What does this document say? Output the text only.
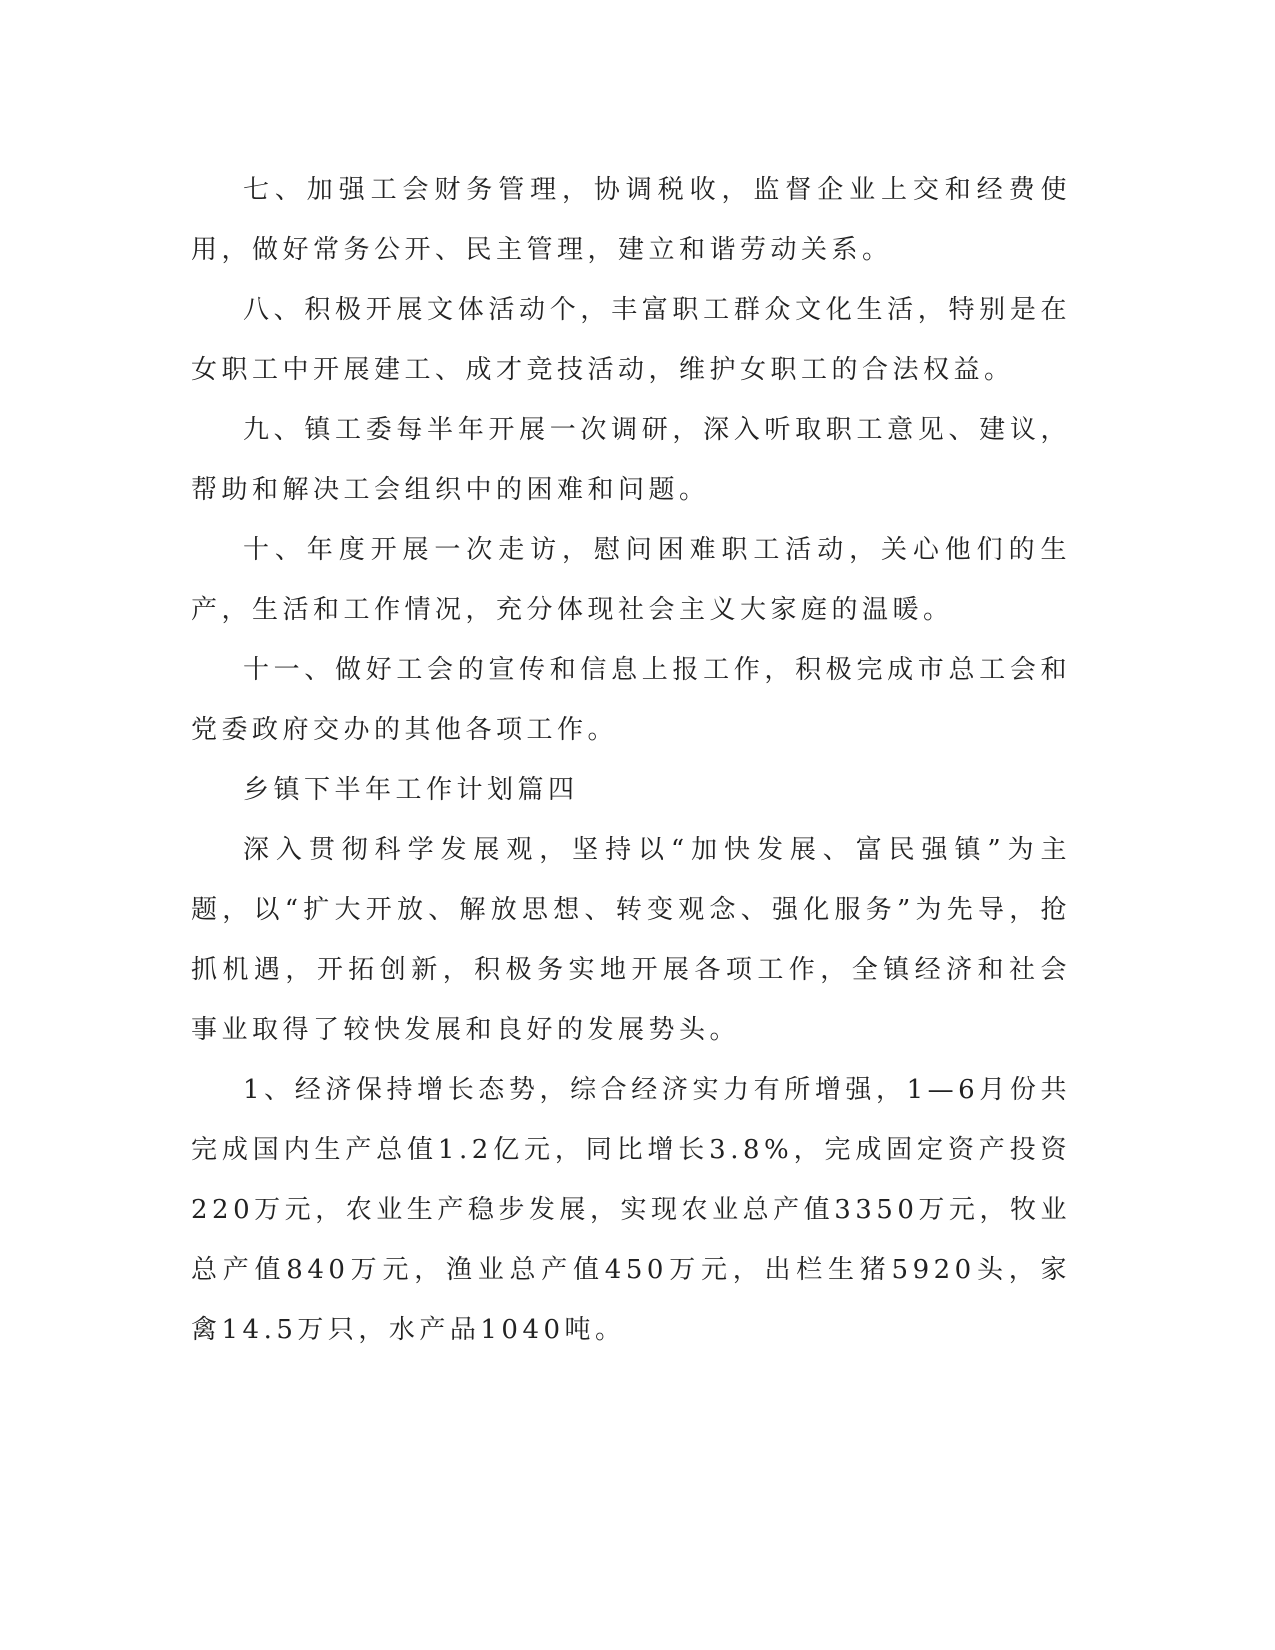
七、加强工会财务管理，协调税收，监督企业上交和经费使用，做好常务公开、民主管理，建立和谐劳动关系。

八、积极开展文体活动个，丰富职工群众文化生活，特别是在女职工中开展建工、成才竞技活动，维护女职工的合法权益。

九、镇工委每半年开展一次调研，深入听取职工意见、建议，帮助和解决工会组织中的困难和问题。

十、年度开展一次走访，慰问困难职工活动，关心他们的生产，生活和工作情况，充分体现社会主义大家庭的温暖。

十一、做好工会的宣传和信息上报工作，积极完成市总工会和党委政府交办的其他各项工作。

乡镇下半年工作计划篇四

深入贯彻科学发展观，坚持以“加快发展、富民强镇”为主题，以“扩大开放、解放思想、转变观念、强化服务”为先导，抢抓机遇，开拓创新，积极务实地开展各项工作，全镇经济和社会事业取得了较快发展和良好的发展势头。

1、经济保持增长态势，综合经济实力有所增强，1—6月份共完成国内生产总值1.2亿元，同比增长3.8%，完成固定资产投资220万元，农业生产稳步发展，实现农业总产值3350万元，牧业总产值840万元，渔业总产值450万元，出栏生猪5920头，家禽14.5万只，水产品1040吨。
